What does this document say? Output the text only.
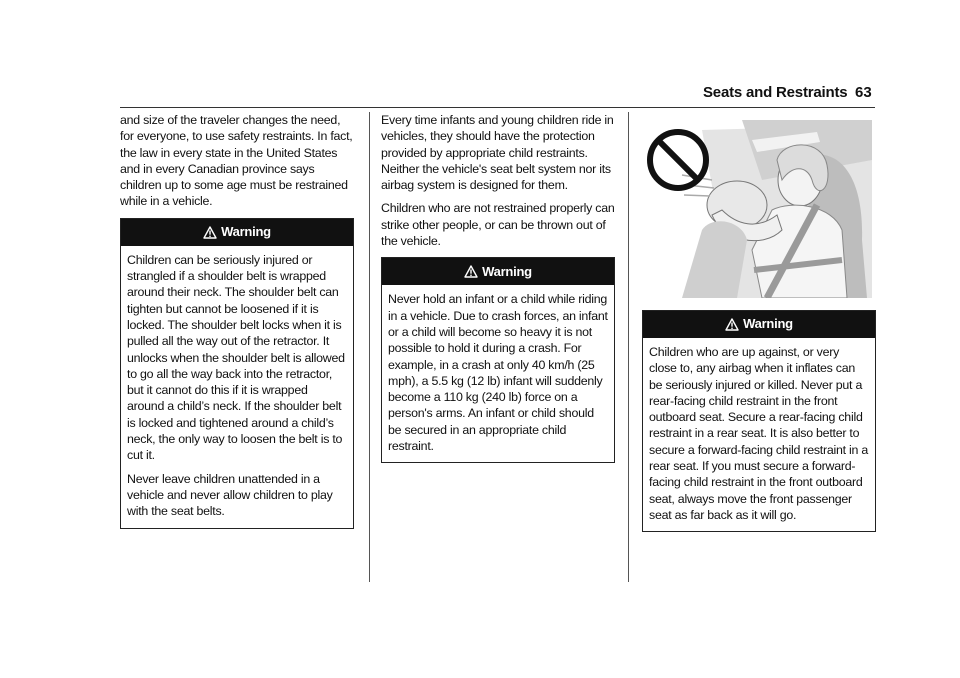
Seats and Restraints 63

and size of the traveler changes the need, for everyone, to use safety restraints. In fact, the law in every state in the United States and in every Canadian province says children up to some age must be restrained while in a vehicle.

Warning

Children can be seriously injured or strangled if a shoulder belt is wrapped around their neck. The shoulder belt can tighten but cannot be loosened if it is locked. The shoulder belt locks when it is pulled all the way out of the retractor. It unlocks when the shoulder belt is allowed to go all the way back into the retractor, but it cannot do this if it is wrapped around a child’s neck. If the shoulder belt is locked and tightened around a child’s neck, the only way to loosen the belt is to cut it.

Never leave children unattended in a vehicle and never allow children to play with the seat belts.

Every time infants and young children ride in vehicles, they should have the protection provided by appropriate child restraints. Neither the vehicle's seat belt system nor its airbag system is designed for them.

Children who are not restrained properly can strike other people, or can be thrown out of the vehicle.

Warning

Never hold an infant or a child while riding in a vehicle. Due to crash forces, an infant or a child will become so heavy it is not possible to hold it during a crash. For example, in a crash at only 40 km/h (25 mph), a 5.5 kg (12 lb) infant will suddenly become a 110 kg (240 lb) force on a person's arms. An infant or child should be secured in an appropriate child restraint.

Warning

Children who are up against, or very close to, any airbag when it inflates can be seriously injured or killed. Never put a rear-facing child restraint in the front outboard seat. Secure a rear-facing child restraint in a rear seat. It is also better to secure a forward-facing child restraint in a rear seat. If you must secure a forward-facing child restraint in the front outboard seat, always move the front passenger seat as far back as it will go.
